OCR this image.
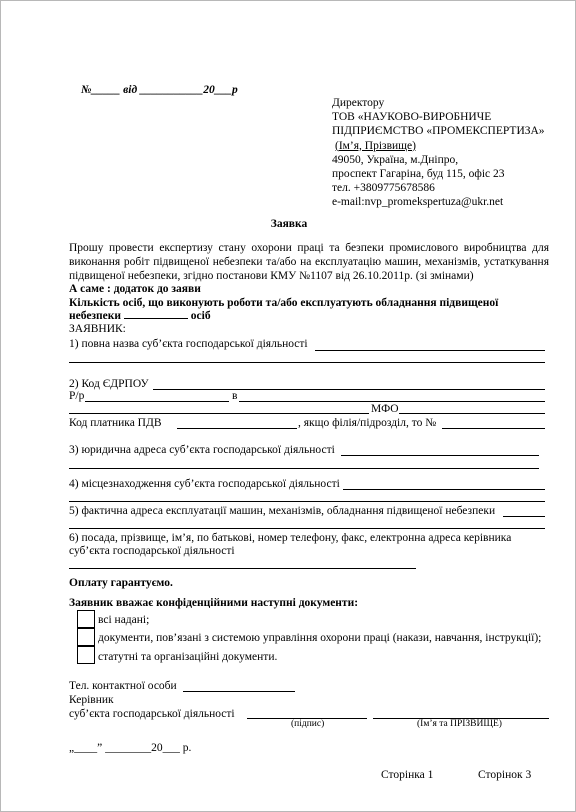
№_____ від ___________20___р
Директору
ТОВ «НАУКОВО-ВИРОБНИЧЕ
ПІДПРИЄМСТВО «ПРОМЕКСПЕРТИЗА»
(Ім’я, Прізвище)
49050, Україна, м.Дніпро,
проспект Гагаріна, буд 115, офіс 23
тел. +3809775678586
e-mail:nvp_promekspertuza@ukr.net
Заявка
Прошу провести експертизу стану охорони праці та безпеки промислового виробництва для
виконання робіт підвищеної небезпеки та/або на експлуатацію машин, механізмів, устаткування
підвищеної небезпеки, згідно постанови КМУ №1107 від 26.10.2011р. (зі змінами)
А саме : додаток до заяви
Кількість осіб, що виконують роботи та/або експлуатують обладнання підвищеної
небезпеки	осіб
ЗАЯВНИК:
1) повна назва суб’єкта господарської діяльності
2) Код ЄДРПОУ
Р/р	в
МФО
Код платника ПДВ	, якщо філія/підрозділ, то №
3) юридична адреса суб’єкта господарської діяльності
4) місцезнаходження суб’єкта господарської діяльності
5) фактична адреса експлуатації машин, механізмів, обладнання підвищеної небезпеки
6) посада, прізвище, ім’я, по батькові, номер телефону, факс, електронна адреса керівника
суб’єкта господарської діяльності
Оплату гарантуємо.
Заявник вважає конфіденційними наступні документи:
всі надані;
документи, пов’язані з системою управління охорони праці (накази, навчання, інструкції);
статутні та організаційні документи.
Тел. контактної особи
Керівник
суб’єкта господарської діяльності
(підпис)	(Ім’я та ПРІЗВИЩЕ)
„____” ________20___ р.
Сторінка 1	Сторінок 3
